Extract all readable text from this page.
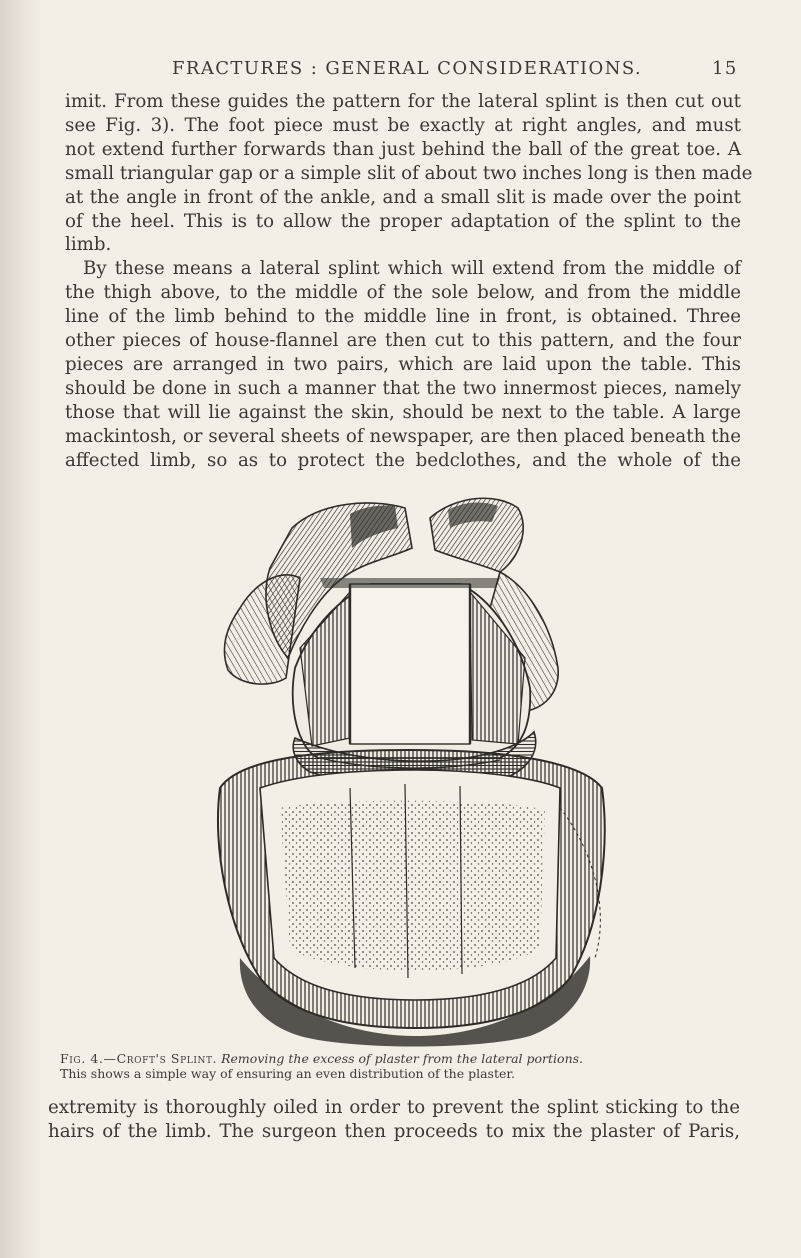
FRACTURES : GENERAL CONSIDERATIONS.	15
imit. From these guides the pattern for the lateral splint is then cut out
see Fig. 3). The foot piece must be exactly at right angles, and must
not extend further forwards than just behind the ball of the great toe. A
small triangular gap or a simple slit of about two inches long is then made
at the angle in front of the ankle, and a small slit is made over the point
of the heel. This is to allow the proper adaptation of the splint to the
limb.
By these means a lateral splint which will extend from the middle of
the thigh above, to the middle of the sole below, and from the middle
line of the limb behind to the middle line in front, is obtained. Three
other pieces of house-flannel are then cut to this pattern, and the four
pieces are arranged in two pairs, which are laid upon the table. This
should be done in such a manner that the two innermost pieces, namely
those that will lie against the skin, should be next to the table. A large
mackintosh, or several sheets of newspaper, are then placed beneath the
affected limb, so as to protect the bedclothes, and the whole of the
Fig. 4.—Croft's Splint. Removing the excess of plaster from the lateral portions.
This shows a simple way of ensuring an even distribution of the plaster.
extremity is thoroughly oiled in order to prevent the splint sticking to the
hairs of the limb. The surgeon then proceeds to mix the plaster of Paris,
